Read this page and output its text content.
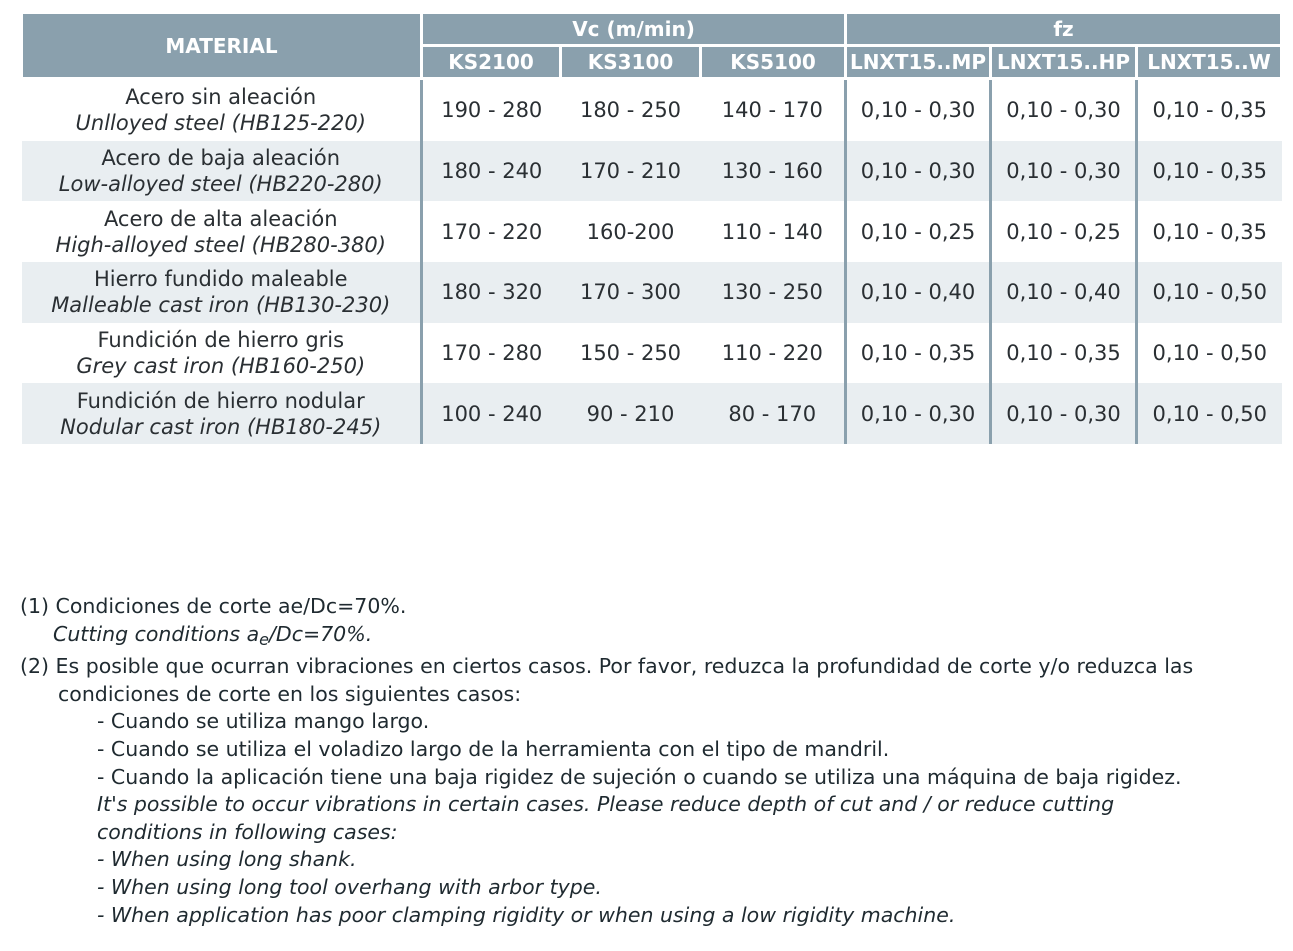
MATERIAL	Vc (m/min)			fz		
	KS2100	KS3100	KS5100	LNXT15..MP	LNXT15..HP	LNXT15..W

Acero sin aleación
Unlloyed steel (HB125-220)	190 - 280	180 - 250	140 - 170	0,10 - 0,30	0,10 - 0,30	0,10 - 0,35

Acero de baja aleación
Low-alloyed steel (HB220-280)	180 - 240	170 - 210	130 - 160	0,10 - 0,30	0,10 - 0,30	0,10 - 0,35

Acero de alta aleación
High-alloyed steel (HB280-380)	170 - 220	160-200	110 - 140	0,10 - 0,25	0,10 - 0,25	0,10 - 0,35

Hierro fundido maleable
Malleable cast iron (HB130-230)	180 - 320	170 - 300	130 - 250	0,10 - 0,40	0,10 - 0,40	0,10 - 0,50

Fundición de hierro gris
Grey cast iron (HB160-250)	170 - 280	150 - 250	110 - 220	0,10 - 0,35	0,10 - 0,35	0,10 - 0,50

Fundición de hierro nodular
Nodular cast iron (HB180-245)	100 - 240	90 - 210	80 - 170	0,10 - 0,30	0,10 - 0,30	0,10 - 0,50
(1) Condiciones de corte ae/Dc=70%.
Cutting conditions $a_e/Dc=70\%$.
(2) Es posible que ocurran vibraciones en ciertos casos. Por favor, reduzca la profundidad de corte y/o reduzca las
condiciones de corte en los siguientes casos:
- Cuando se utiliza mango largo.
- Cuando se utiliza el voladizo largo de la herramienta con el tipo de mandril.
- Cuando la aplicación tiene una baja rigidez de sujeción o cuando se utiliza una máquina de baja rigidez.
It's possible to occur vibrations in certain cases. Please reduce depth of cut and / or reduce cutting
conditions in following cases:
- When using long shank.
- When using long tool overhang with arbor type.
- When application has poor clamping rigidity or when using a low rigidity machine.
